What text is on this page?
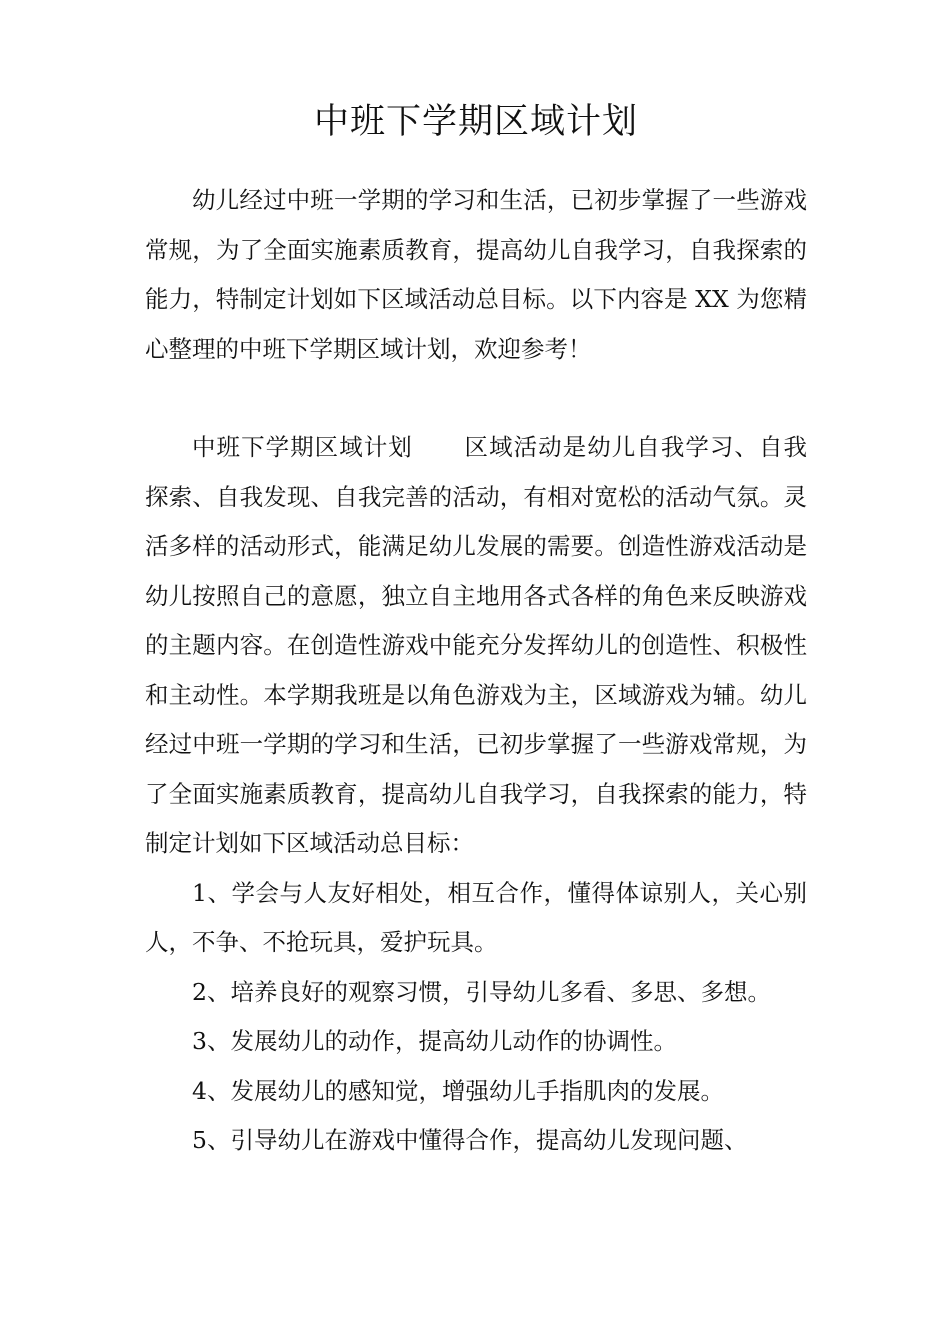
中班下学期区域计划

幼儿经过中班一学期的学习和生活，已初步掌握了一些游戏常规，为了全面实施素质教育，提高幼儿自我学习，自我探索的能力，特制定计划如下区域活动总目标。以下内容是 XX 为您精心整理的中班下学期区域计划，欢迎参考！

中班下学期区域计划 区域活动是幼儿自我学习、自我探索、自我发现、自我完善的活动，有相对宽松的活动气氛。灵活多样的活动形式，能满足幼儿发展的需要。创造性游戏活动是幼儿按照自己的意愿，独立自主地用各式各样的角色来反映游戏的主题内容。在创造性游戏中能充分发挥幼儿的创造性、积极性和主动性。本学期我班是以角色游戏为主，区域游戏为辅。幼儿经过中班一学期的学习和生活，已初步掌握了一些游戏常规，为了全面实施素质教育，提高幼儿自我学习，自我探索的能力，特制定计划如下区域活动总目标：

1、学会与人友好相处，相互合作，懂得体谅别人，关心别人，不争、不抢玩具，爱护玩具。

2、培养良好的观察习惯，引导幼儿多看、多思、多想。

3、发展幼儿的动作，提高幼儿动作的协调性。

4、发展幼儿的感知觉，增强幼儿手指肌肉的发展。

5、引导幼儿在游戏中懂得合作，提高幼儿发现问题、
